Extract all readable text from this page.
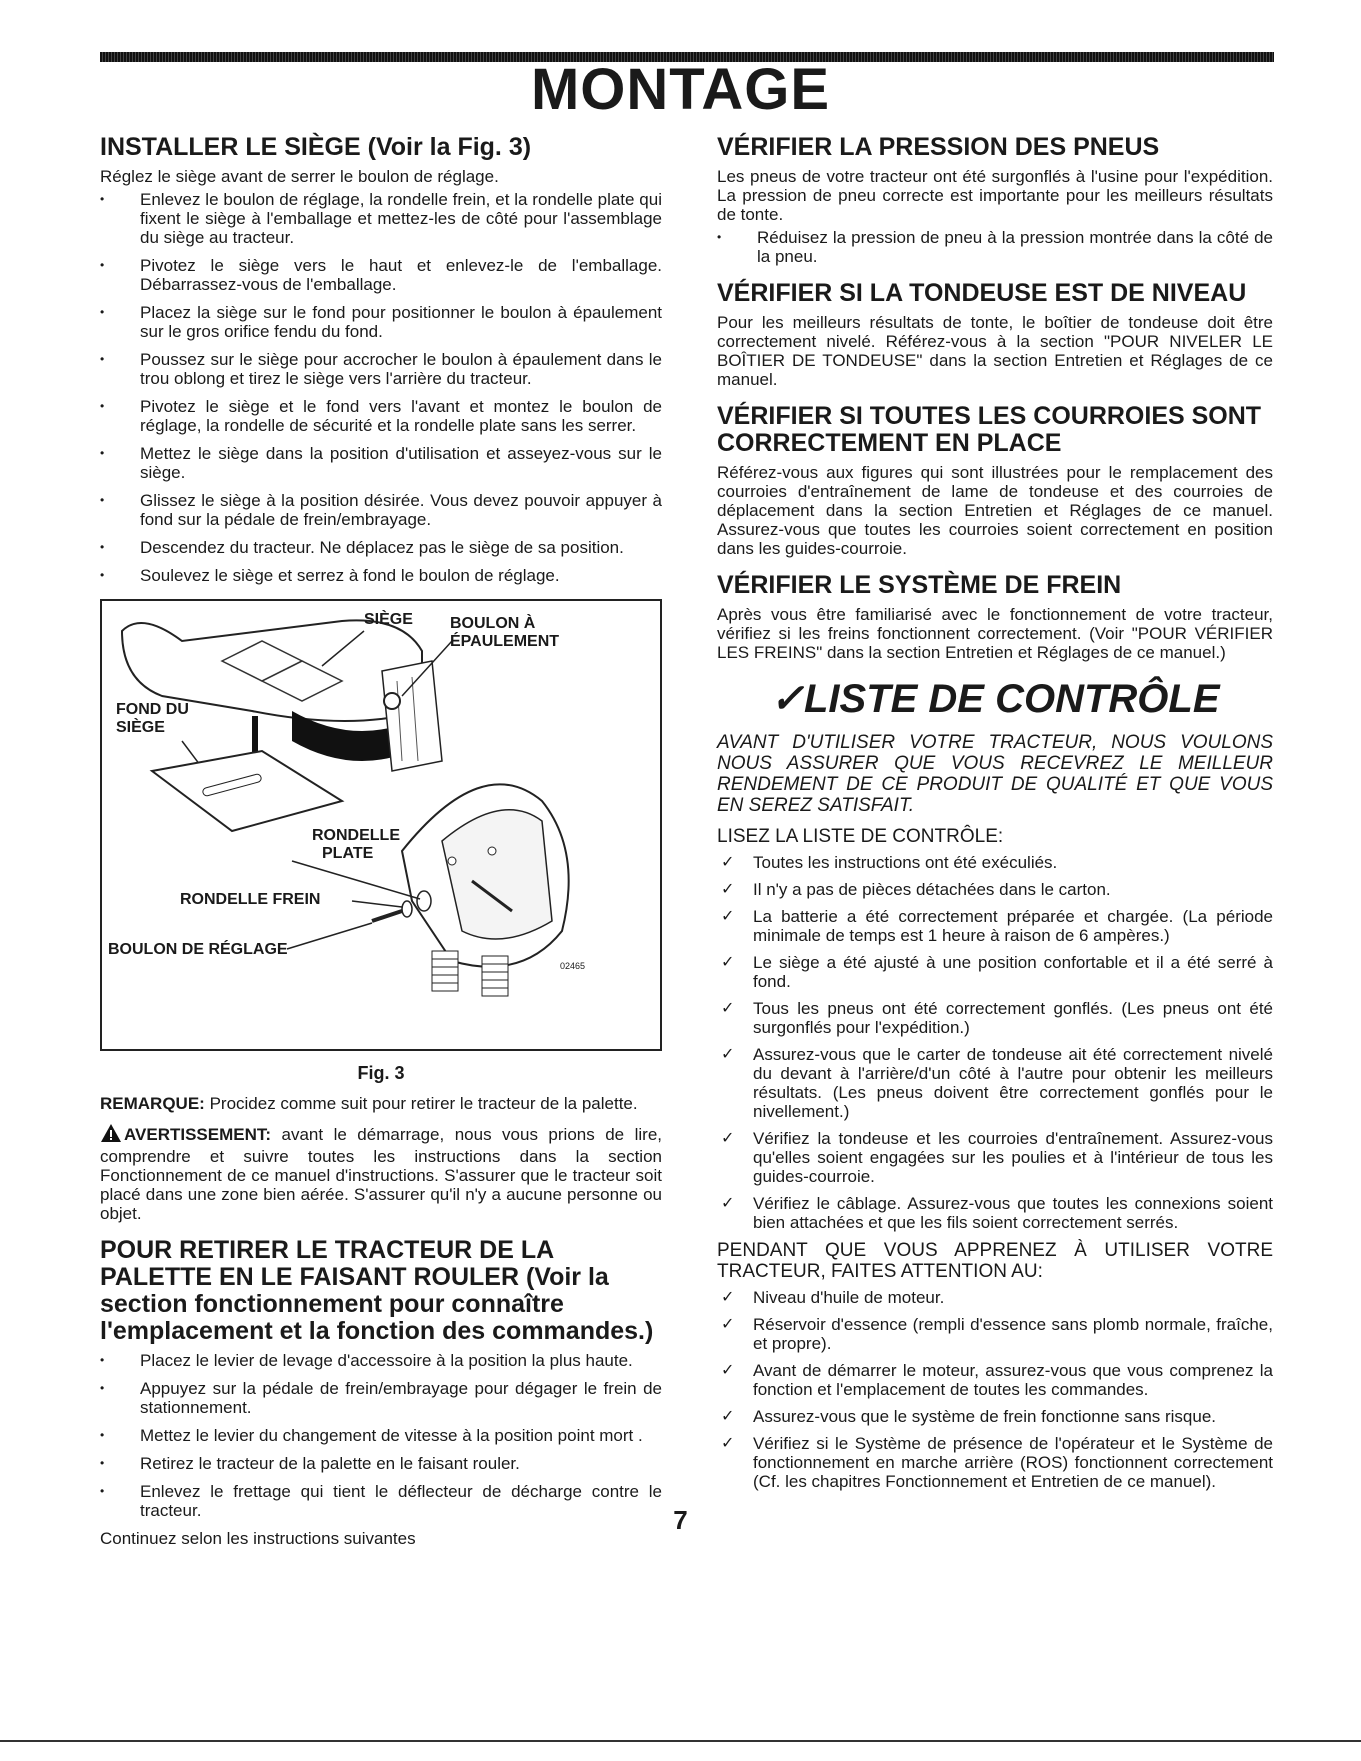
MONTAGE
INSTALLER LE SIÈGE (Voir la Fig. 3)

Réglez le siège avant de serrer le boulon de réglage.

• Enlevez le boulon de réglage, la rondelle frein, et la rondelle plate qui fixent le siège à l'emballage et mettez-les de côté pour l'assemblage du siège au tracteur.
• Pivotez le siège vers le haut et enlevez-le de l'emballage. Débarrassez-vous de l'emballage.
• Placez la siège sur le fond pour positionner le boulon à épaulement sur le gros orifice fendu du fond.
• Poussez sur le siège pour accrocher le boulon à épaulement dans le trou oblong et tirez le siège vers l'arrière du tracteur.
• Pivotez le siège et le fond vers l'avant et montez le boulon de réglage, la rondelle de sécurité et la rondelle plate sans les serrer.
• Mettez le siège dans la position d'utilisation et asseyez-vous sur le siège.
• Glissez le siège à la position désirée. Vous devez pouvoir appuyer à fond sur la pédale de frein/embrayage.
• Descendez du tracteur. Ne déplacez pas le siège de sa position.
• Soulevez le siège et serrez à fond le boulon de réglage.
SIÈGE BOULON À
ÉPAULEMENT
FOND DU
SIÈGE
RONDELLE
PLATE
RONDELLE FREIN
BOULON DE RÉGLAGE
02465
Fig. 3

REMARQUE: Procidez comme suit pour retirer le tracteur de la palette.

AVERTISSEMENT: avant le démarrage, nous vous prions de lire, comprendre et suivre toutes les instructions dans la section Fonctionnement de ce manuel d'instructions. S'assurer que le tracteur soit placé dans une zone bien aérée. S'assurer qu'il n'y a aucune personne ou objet.

POUR RETIRER LE TRACTEUR DE LA PALETTE EN LE FAISANT ROULER (Voir la section fonctionnement pour connaître l'emplacement et la fonction des commandes.)
• Placez le levier de levage d'accessoire à la position la plus haute.
• Appuyez sur la pédale de frein/embrayage pour dégager le frein de stationnement.
• Mettez le levier du changement de vitesse à la position point mort .
• Retirez le tracteur de la palette en le faisant rouler.
• Enlevez le frettage qui tient le déflecteur de décharge contre le tracteur.

Continuez selon les instructions suivantes

VÉRIFIER LA PRESSION DES PNEUS

Les pneus de votre tracteur ont été surgonflés à l'usine pour l'expédition. La pression de pneu correcte est importante pour les meilleurs résultats de tonte.

• Réduisez la pression de pneu à la pression montrée dans la côté de la pneu.
VÉRIFIER SI LA TONDEUSE EST DE NIVEAU

Pour les meilleurs résultats de tonte, le boîtier de tondeuse doit être correctement nivelé. Référez-vous à la section "POUR NIVELER LE BOÎTIER DE TONDEUSE" dans la section Entretien et Réglages de ce manuel.

VÉRIFIER SI TOUTES LES COURROIES SONT CORRECTEMENT EN PLACE

Référez-vous aux figures qui sont illustrées pour le remplacement des courroies d'entraînement de lame de tondeuse et des courroies de déplacement dans la section Entretien et Réglages de ce manuel. Assurez-vous que toutes les courroies soient correctement en position dans les guides-courroie.

VÉRIFIER LE SYSTÈME DE FREIN

Après vous être familiarisé avec le fonctionnement de votre tracteur, vérifiez si les freins fonctionnent correctement. (Voir "POUR VÉRIFIER LES FREINS" dans la section Entretien et Réglages de ce manuel.)

✓LISTE DE CONTRÔLE

AVANT D'UTILISER VOTRE TRACTEUR, NOUS VOULONS NOUS ASSURER QUE VOUS RECEVREZ LE MEILLEUR RENDEMENT DE CE PRODUIT DE QUALITÉ ET QUE VOUS EN SEREZ SATISFAIT.

LISEZ LA LISTE DE CONTRÔLE:

✓ Toutes les instructions ont été exéculiés.
✓ Il n'y a pas de pièces détachées dans le carton.
✓ La batterie a été correctement préparée et chargée. (La période minimale de temps est 1 heure à raison de 6 ampères.)
✓ Le siège a été ajusté à une position confortable et il a été serré à fond.
✓ Tous les pneus ont été correctement gonflés. (Les pneus ont été surgonflés pour l'expédition.)
✓ Assurez-vous que le carter de tondeuse ait été correctement nivelé du devant à l'arrière/d'un côté à l'autre pour obtenir les meilleurs résultats. (Les pneus doivent être correctement gonflés pour le nivellement.)
✓ Vérifiez la tondeuse et les courroies d'entraînement. Assurez-vous qu'elles soient engagées sur les poulies et à l'intérieur de tous les guides-courroie.
✓ Vérifiez le câblage. Assurez-vous que toutes les connexions soient bien attachées et que les fils soient correctement serrés.

PENDANT QUE VOUS APPRENEZ À UTILISER VOTRE TRACTEUR, FAITES ATTENTION AU:

✓ Niveau d'huile de moteur.
✓ Réservoir d'essence (rempli d'essence sans plomb normale, fraîche, et propre).
✓ Avant de démarrer le moteur, assurez-vous que vous comprenez la fonction et l'emplacement de toutes les commandes.
✓ Assurez-vous que le système de frein fonctionne sans risque.
✓ Vérifiez si le Système de présence de l'opérateur et le Système de fonctionnement en marche arrière (ROS) fonctionnent correctement (Cf. les chapitres Fonctionnement et Entretien de ce manuel).
7
